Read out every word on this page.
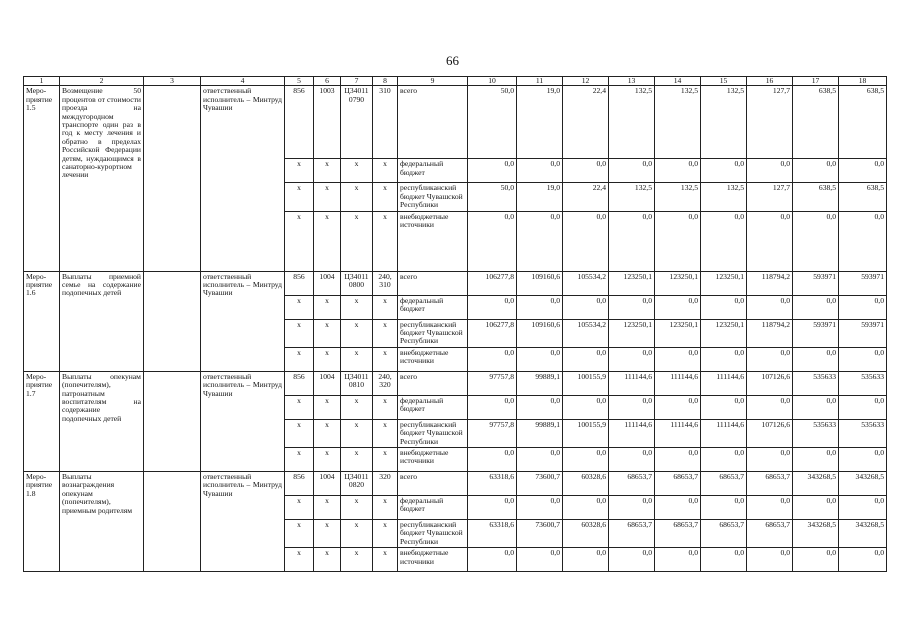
66
1	2	3	4	5	6	7	8	9	10	11	12	13	14	15	16	17	18
Меро-приятие 1.5	Возмещение 50 процентов от стоимости проезда на междугородном транспорте один раз в год к месту лечения и обратно в пределах Российской Федерации детям, нуждающимся в санаторно-курортном лечении		ответственный исполнитель – Минтруд Чувашии	856	1003	Ц34011 0790	310	всего	50,0	19,0	22,4	132,5	132,5	132,5	127,7	638,5	638,5
				x	x	x	x	федеральный бюджет	0,0	0,0	0,0	0,0	0,0	0,0	0,0	0,0	0,0
				x	x	x	x	республиканский бюджет Чувашской Республики	50,0	19,0	22,4	132,5	132,5	132,5	127,7	638,5	638,5
				x	x	x	x	внебюджетные источники	0,0	0,0	0,0	0,0	0,0	0,0	0,0	0,0	0,0
Меро-приятие 1.6	Выплаты приемной семье на содержание подопечных детей		ответственный исполнитель – Минтруд Чувашии	856	1004	Ц34011 0800	240, 310	всего	106277,8	109160,6	105534,2	123250,1	123250,1	123250,1	118794,2	593971	593971
				x	x	x	x	федеральный бюджет	0,0	0,0	0,0	0,0	0,0	0,0	0,0	0,0	0,0
				x	x	x	x	республиканский бюджет Чувашской Республики	106277,8	109160,6	105534,2	123250,1	123250,1	123250,1	118794,2	593971	593971
				x	x	x	x	внебюджетные источники	0,0	0,0	0,0	0,0	0,0	0,0	0,0	0,0	0,0
Меро-приятие 1.7	Выплаты опекунам (попечителям), патронатным воспитателям на содержание подопечных детей		ответственный исполнитель – Минтруд Чувашии	856	1004	Ц34011 0810	240, 320	всего	97757,8	99889,1	100155,9	111144,6	111144,6	111144,6	107126,6	535633	535633
				x	x	x	x	федеральный бюджет	0,0	0,0	0,0	0,0	0,0	0,0	0,0	0,0	0,0
				x	x	x	x	республиканский бюджет Чувашской Республики	97757,8	99889,1	100155,9	111144,6	111144,6	111144,6	107126,6	535633	535633
				x	x	x	x	внебюджетные источники	0,0	0,0	0,0	0,0	0,0	0,0	0,0	0,0	0,0
Меро-приятие 1.8	Выплаты вознаграждения опекунам (попечителям), приемным родителям		ответственный исполнитель – Минтруд Чувашии	856	1004	Ц34011 0820	320	всего	63318,6	73600,7	60328,6	68653,7	68653,7	68653,7	68653,7	343268,5	343268,5
				x	x	x	x	федеральный бюджет	0,0	0,0	0,0	0,0	0,0	0,0	0,0	0,0	0,0
				x	x	x	x	республиканский бюджет Чувашской Республики	63318,6	73600,7	60328,6	68653,7	68653,7	68653,7	68653,7	343268,5	343268,5
				x	x	x	x	внебюджетные источники	0,0	0,0	0,0	0,0	0,0	0,0	0,0	0,0	0,0
